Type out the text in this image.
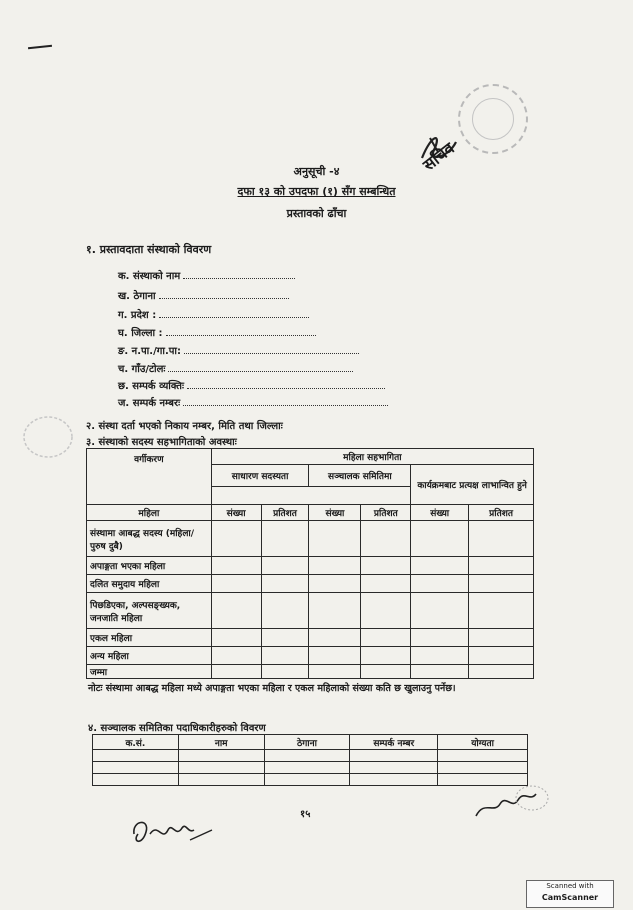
सचिव
अनुसूची -४
दफा १३ को उपदफा (१) सँग सम्बन्धित
प्रस्तावको ढाँचा
१. प्रस्तावदाता संस्थाको विवरण
क. संस्थाको नाम
ख. ठेगाना
ग. प्रदेश :
घ. जिल्ला :
ङ. न.पा./गा.पा:
च. गाँउ/टोलः
छ. सम्पर्क व्यक्तिः
ज. सम्पर्क नम्बरः
२. संस्था दर्ता भएको निकाय नम्बर, मिति तथा जिल्लाः
३. संस्थाको सदस्य सहभागिताको अवस्थाः
वर्गीकरण	महिला सहभागिता					
	साधारण सदस्यता		सञ्चालक समितिमा		कार्यक्रमबाट प्रत्यक्ष लाभान्वित हुने	

महिला	संख्या	प्रतिशत	संख्या	प्रतिशत	संख्या	प्रतिशत
संस्थामा आबद्ध सदस्य (महिला/पुरुष दुबै)						
अपाङ्गता भएका महिला						
दलित समुदाय महिला						
पिछडिएका, अल्पसङ्ख्यक, जनजाति महिला						
एकल महिला						
अन्य महिला						
जम्मा						
नोटः संस्थामा आबद्ध महिला मध्ये अपाङ्गता भएका महिला र एकल महिलाको संख्या कति छ खुलाउनु पर्नेछ।
४. सञ्चालक समितिका पदाधिकारीहरुको विवरण
क.सं.	नाम	ठेगाना	सम्पर्क नम्बर	योग्यता

१५
Scanned with
CamScanner
